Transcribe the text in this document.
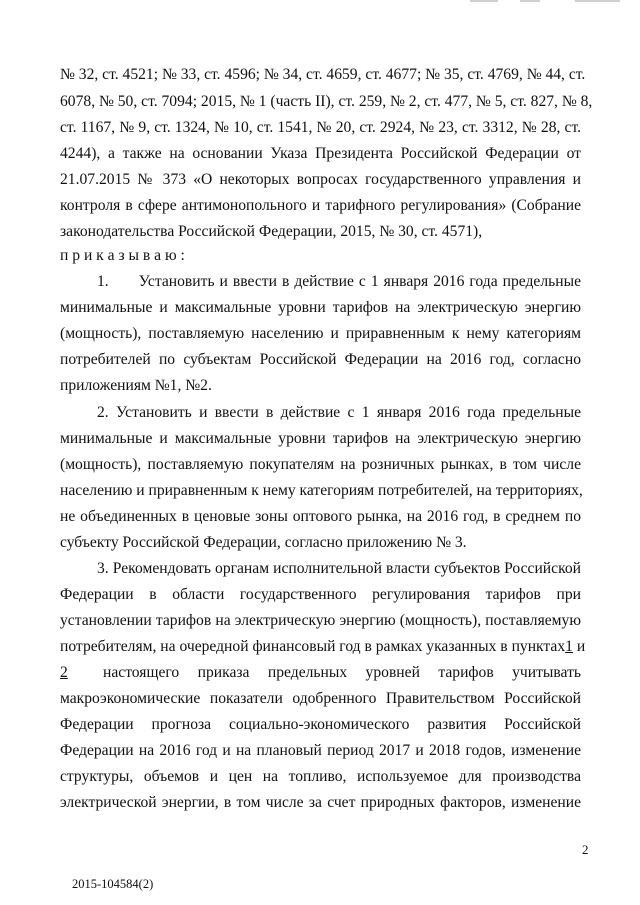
№ 32, ст. 4521; № 33, ст. 4596; № 34, ст. 4659, ст. 4677; № 35, ст. 4769, № 44, ст.
6078, № 50, ст. 7094; 2015, № 1 (часть II), ст. 259, № 2, ст. 477, № 5, ст. 827, № 8,
ст. 1167, № 9, ст. 1324, № 10, ст. 1541, № 20, ст. 2924, № 23, ст. 3312, № 28, ст.
4244), а также на основании Указа Президента Российской Федерации от
21.07.2015 № 373 «О некоторых вопросах государственного управления и
контроля в сфере антимонопольного и тарифного регулирования» (Собрание
законодательства Российской Федерации, 2015, № 30, ст. 4571),
п р и к а з ы в а ю :
1.      Установить и ввести в действие с 1 января 2016 года предельные
минимальные и максимальные уровни тарифов на электрическую энергию
(мощность), поставляемую населению и приравненным к нему категориям
потребителей по субъектам Российской Федерации на 2016 год, согласно
приложениям №1, №2.
2. Установить и ввести в действие с 1 января 2016 года предельные
минимальные и максимальные уровни тарифов на электрическую энергию
(мощность), поставляемую покупателям на розничных рынках, в том числе
населению и приравненным к нему категориям потребителей, на территориях,
не объединенных в ценовые зоны оптового рынка, на 2016 год, в среднем по
субъекту Российской Федерации, согласно приложению № 3.
3. Рекомендовать органам исполнительной власти субъектов Российской
Федерации в области государственного регулирования тарифов при
установлении тарифов на электрическую энергию (мощность), поставляемую
потребителям, на очередной финансовый год в рамках указанных в пунктах1 и
2	настоящего приказа предельных уровней тарифов учитывать
макроэкономические показатели одобренного Правительством Российской
Федерации прогноза социально-экономического развития Российской
Федерации на 2016 год и на плановый период 2017 и 2018 годов, изменение
структуры, объемов и цен на топливо, используемое для производства
электрической энергии, в том числе за счет природных факторов, изменение
2
2015-104584(2)
